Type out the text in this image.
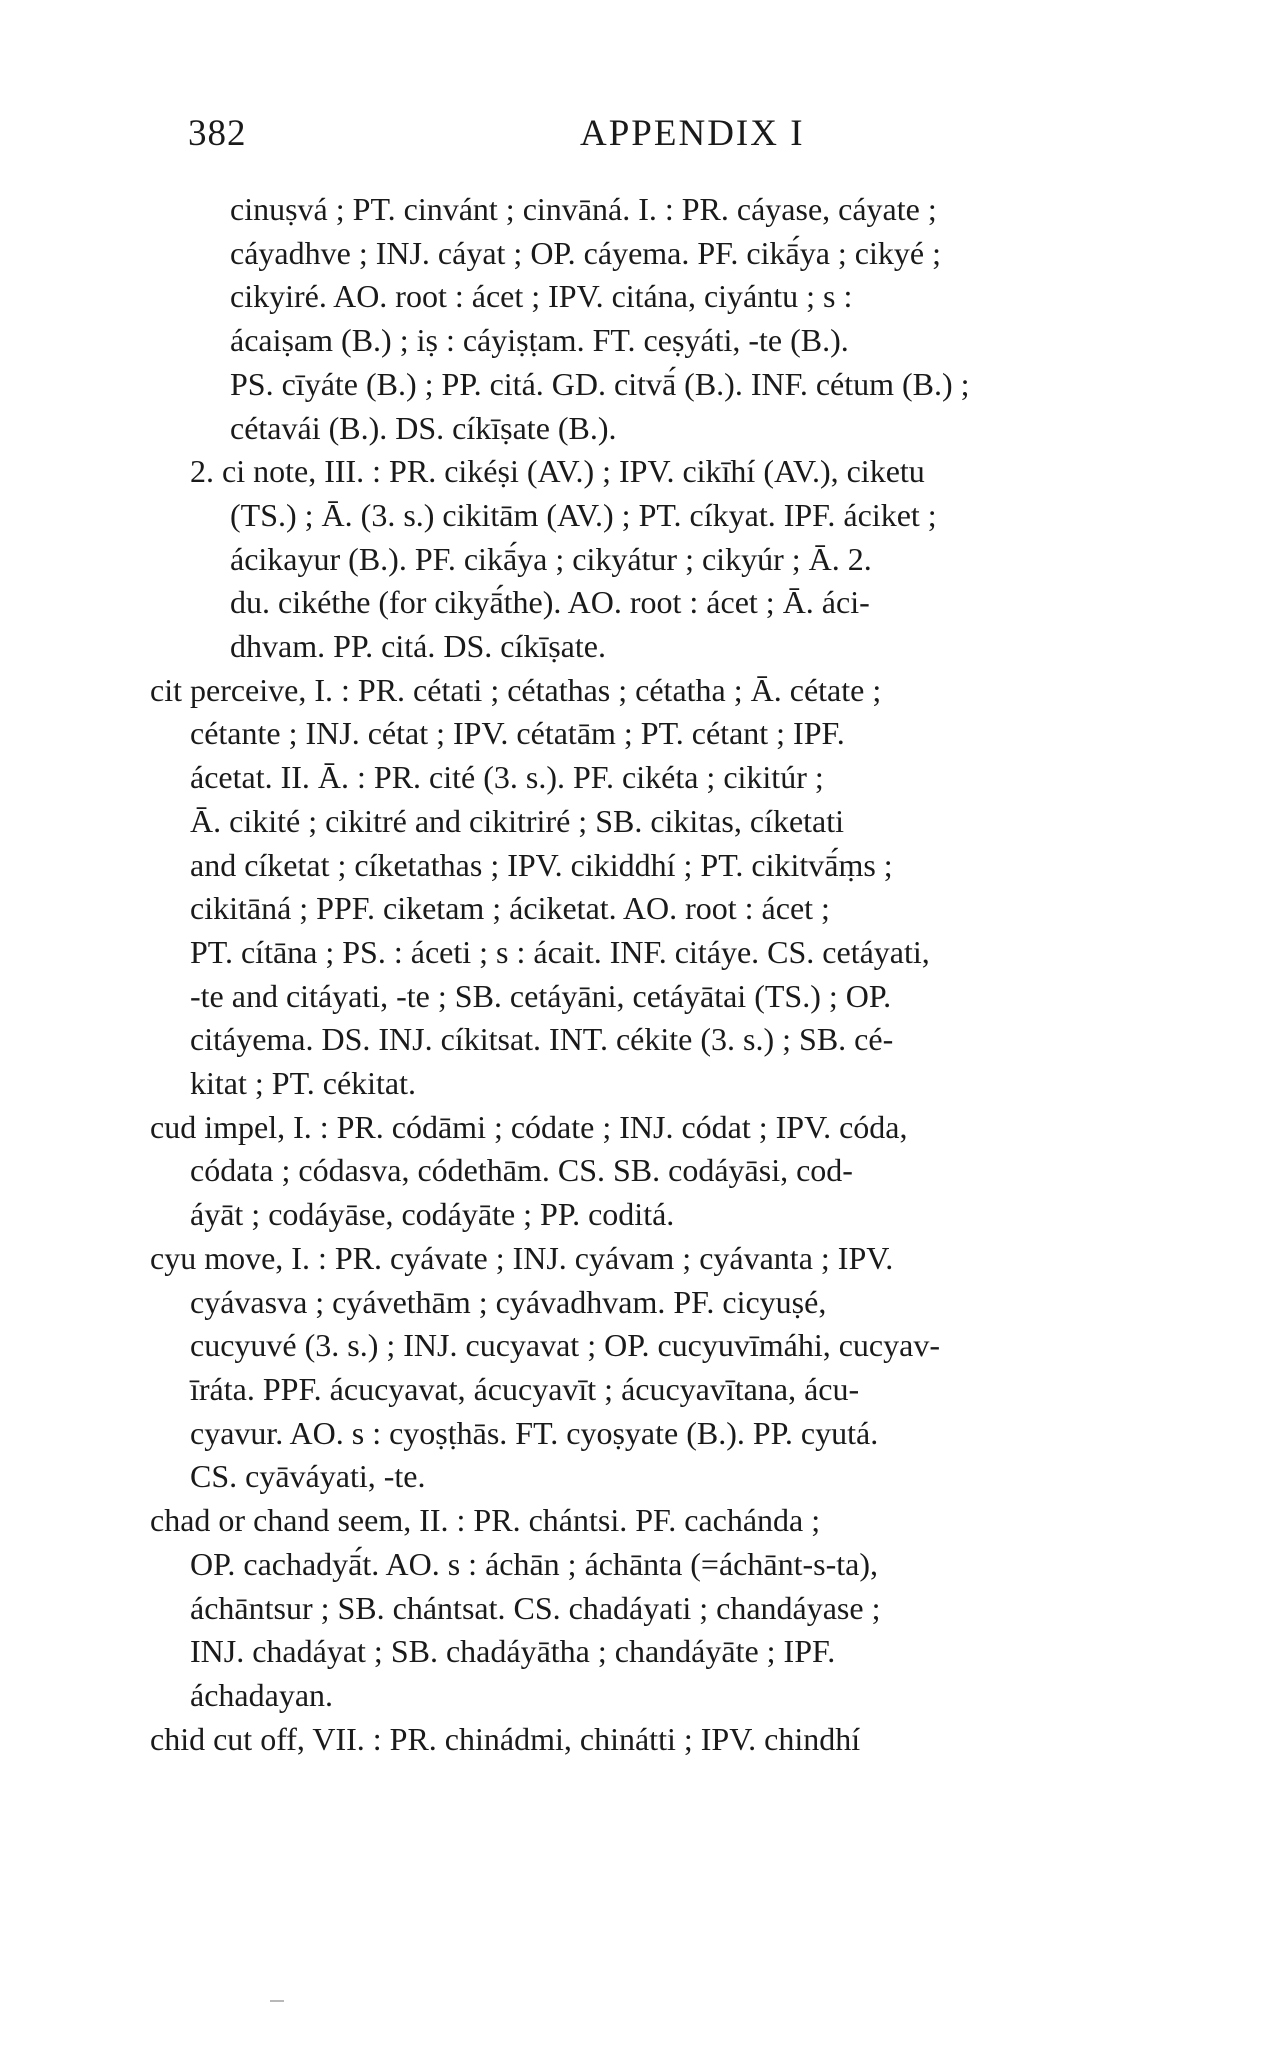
382	APPENDIX I

cinuṣvá ; PT. cinvánt ; cinvāná. I. : PR. cáyase, cáyate ;
cáyadhve ; INJ. cáyat ; OP. cáyema. PF. cikā́ya ; cikyé ;
cikyiré. AO. root : ácet ; IPV. citána, ciyántu ; s :
ácaiṣam (B.) ; iṣ : cáyiṣṭam. FT. ceṣyáti, -te (B.).
PS. cīyáte (B.) ; PP. citá. GD. citvā́ (B.). INF. cétum (B.) ;
cétavái (B.). DS. cíkīṣate (B.).

2. ci note, III. : PR. cikéṣi (AV.) ; IPV. cikīhí (AV.), ciketu
(TS.) ; Ā. (3. s.) cikitām (AV.) ; PT. cíkyat. IPF. áciket ;
ácikayur (B.). PF. cikā́ya ; cikyátur ; cikyúr ; Ā. 2.
du. cikéthe (for cikyā́the). AO. root : ácet ; Ā. áci-
dhvam. PP. citá. DS. cíkīṣate.

cit perceive, I. : PR. cétati ; cétathas ; cétatha ; Ā. cétate ;
cétante ; INJ. cétat ; IPV. cétatām ; PT. cétant ; IPF.
ácetat. II. Ā. : PR. cité (3. s.). PF. cikéta ; cikitúr ;
Ā. cikité ; cikitré and cikitriré ; SB. cikitas, cíketati
and cíketat ; cíketathas ; IPV. cikiddhí ; PT. cikitvā́ṃs ;
cikitāná ; PPF. ciketam ; áciketat. AO. root : ácet ;
PT. cítāna ; PS. : áceti ; s : ácait. INF. citáye. CS. cetáyati,
-te and citáyati, -te ; SB. cetáyāni, cetáyātai (TS.) ; OP.
citáyema. DS. INJ. cíkitsat. INT. cékite (3. s.) ; SB. cé-
kitat ; PT. cékitat.

cud impel, I. : PR. códāmi ; códate ; INJ. códat ; IPV. códa,
códata ; códasva, códethām. CS. SB. codáyāsi, cod-
áyāt ; codáyāse, codáyāte ; PP. coditá.

cyu move, I. : PR. cyávate ; INJ. cyávam ; cyávanta ; IPV.
cyávasva ; cyávethām ; cyávadhvam. PF. cicyuṣé,
cucyuvé (3. s.) ; INJ. cucyavat ; OP. cucyuvīmáhi, cucyav-
īráta. PPF. ácucyavat, ácucyavīt ; ácucyavītana, ácu-
cyavur. AO. s : cyoṣṭhās. FT. cyoṣyate (B.). PP. cyutá.
CS. cyāváyati, -te.

chad or chand seem, II. : PR. chántsi. PF. cachánda ;
OP. cachadyā́t. AO. s : áchān ; áchānta (=áchānt-s-ta),
áchāntsur ; SB. chántsat. CS. chadáyati ; chandáyase ;
INJ. chadáyat ; SB. chadáyātha ; chandáyāte ; IPF.
áchadayan.

chid cut off, VII. : PR. chinádmi, chinátti ; IPV. chindhí
